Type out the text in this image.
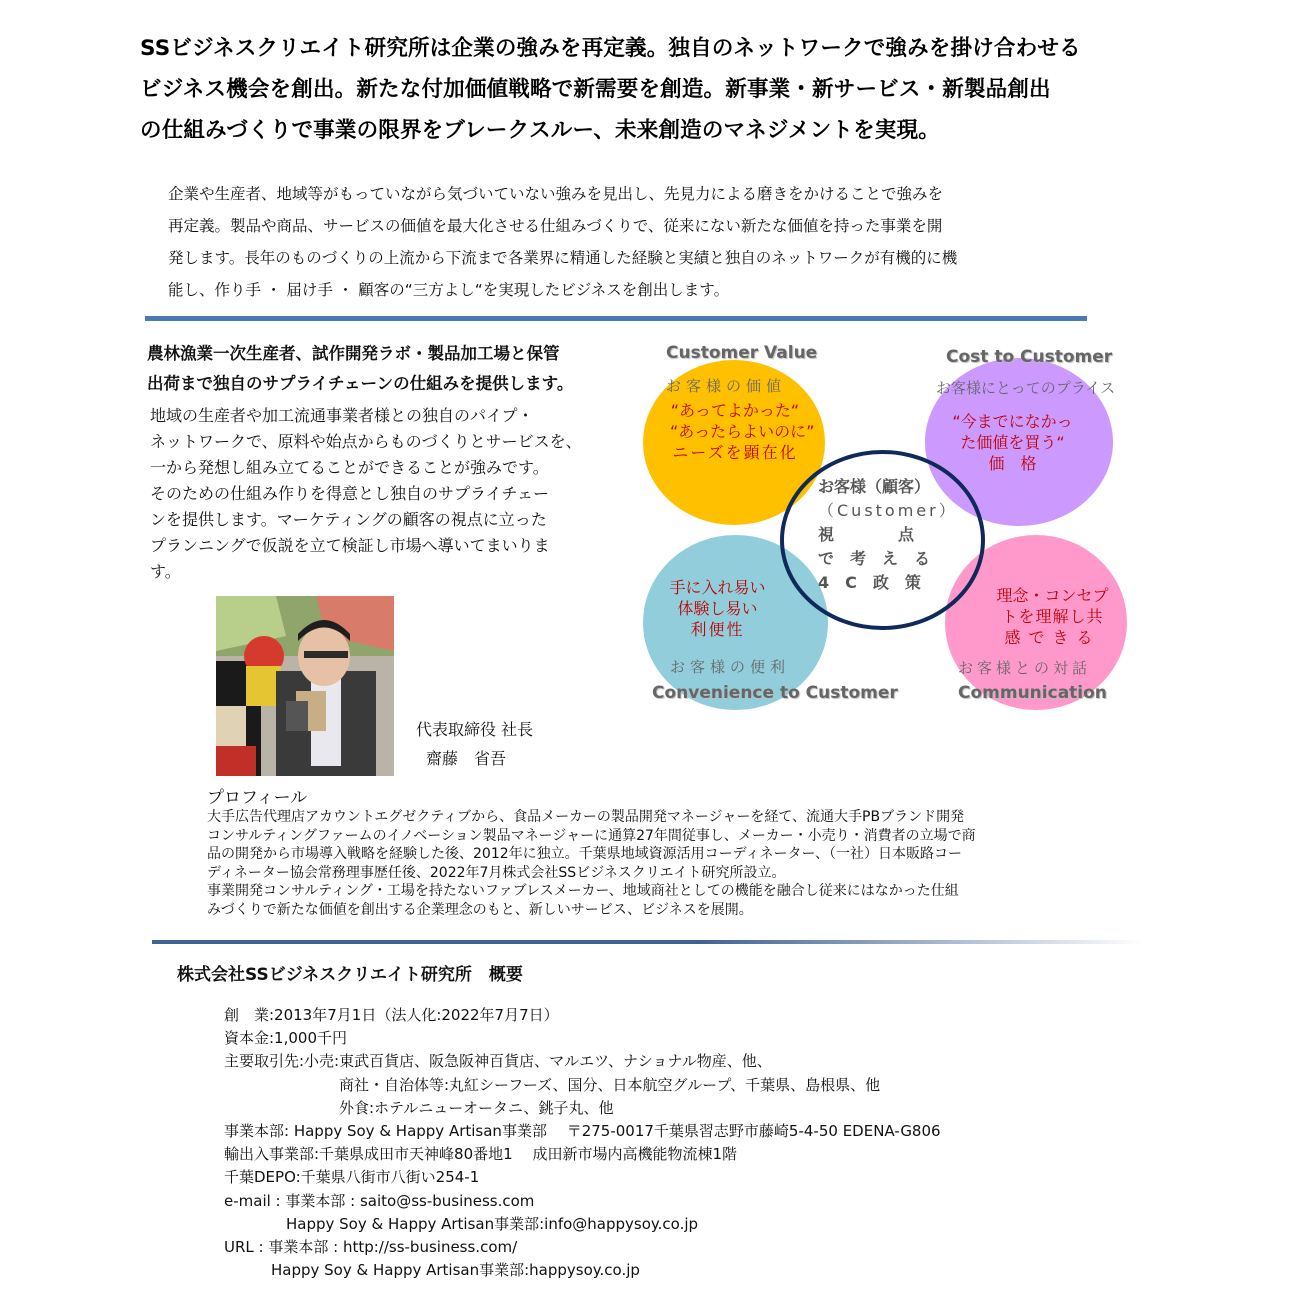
SSビジネスクリエイト研究所は企業の強みを再定義。独自のネットワークで強みを掛け合わせる
ビジネス機会を創出。新たな付加価値戦略で新需要を創造。新事業・新サービス・新製品創出
の仕組みづくりで事業の限界をブレークスルー、未来創造のマネジメントを実現。
企業や生産者、地域等がもっていながら気づいていない強みを見出し、先見力による磨きをかけることで強みを
再定義。製品や商品、サービスの価値を最大化させる仕組みづくりで、従来にない新たな価値を持った事業を開
発します。長年のものづくりの上流から下流まで各業界に精通した経験と実績と独自のネットワークが有機的に機
能し、作り手 ・ 届け手 ・ 顧客の“三方よし“を実現したビジネスを創出します。
農林漁業一次生産者、試作開発ラボ・製品加工場と保管
出荷まで独自のサプライチェーンの仕組みを提供します。
地域の生産者や加工流通事業者様との独自のパイプ・
ネットワークで、原料や始点からものづくりとサービスを、
一から発想し組み立てることができることが強みです。
そのための仕組み作りを得意とし独自のサプライチェー
ンを提供します。マーケティングの顧客の視点に立った
プランニングで仮説を立て検証し市場へ導いてまいりま
す。
Customer Value
お客様の価値
“あってよかった“
“あったらよいのに”
ニーズを顕在化
Cost to Customer
お客様にとってのプライス
“今までになかっ
た価値を買う“
価　格
お客様（顧客）
（Customer）
視　　　　点
で　考　え　る
4　C　政　策
手に入れ易い
体験し易い
利便性
お客様の便利
Convenience to Customer
理念・コンセプ
トを理解し共
感できる
お客様との対話
Communication
代表取締役 社長
齋藤　省吾
プロフィール
大手広告代理店アカウントエグゼクティブから、食品メーカーの製品開発マネージャーを経て、流通大手PBブランド開発
コンサルティングファームのイノベーション製品マネージャーに通算27年間従事し、メーカー・小売り・消費者の立場で商
品の開発から市場導入戦略を経験した後、2012年に独立。千葉県地域資源活用コーディネーター、（一社）日本販路コー
ディネーター協会常務理事歴任後、2022年7月株式会社SSビジネスクリエイト研究所設立。
事業開発コンサルティング・工場を持たないファブレスメーカー、地域商社としての機能を融合し従来にはなかった仕組
みづくりで新たな価値を創出する企業理念のもと、新しいサービス、ビジネスを展開。
株式会社SSビジネスクリエイト研究所　概要
創　業:2013年7月1日（法人化:2022年7月7日）
資本金:1,000千円
主要取引先:小売:東武百貨店、阪急阪神百貨店、マルエツ、ナショナル物産、他、
商社・自治体等:丸紅シーフーズ、国分、日本航空グループ、千葉県、島根県、他
外食:ホテルニューオータニ、銚子丸、他
事業本部: Happy Soy & Happy Artisan事業部　 〒275-0017千葉県習志野市藤崎5-4-50 EDENA-G806
輸出入事業部:千葉県成田市天神峰80番地1　 成田新市場内高機能物流棟1階
千葉DEPO:千葉県八街市八街い254-1
e-mail : 事業本部 : saito@ss-business.com
Happy Soy & Happy Artisan事業部:info@happysoy.co.jp
URL : 事業本部 : http://ss-business.com/
Happy Soy & Happy Artisan事業部:happysoy.co.jp
